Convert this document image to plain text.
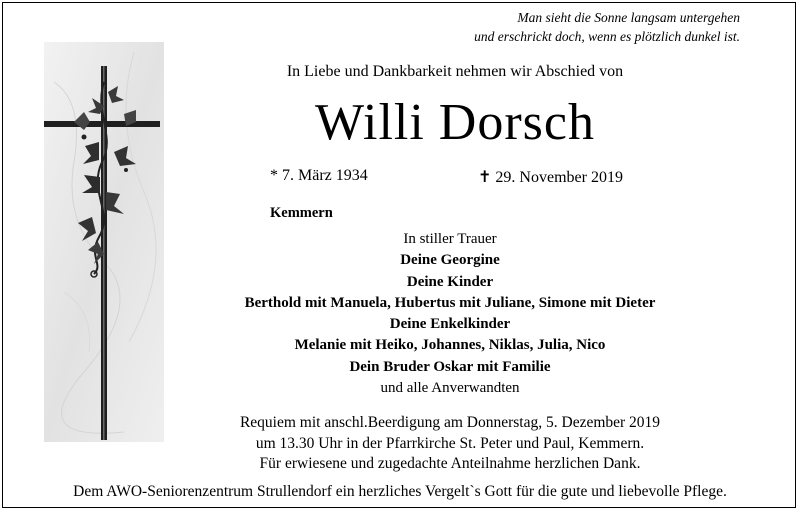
Man sieht die Sonne langsam untergehen
und erschrickt doch, wenn es plötzlich dunkel ist.
In Liebe und Dankbarkeit nehmen wir Abschied von
Willi Dorsch
* 7. März 1934	✝ 29. November 2019
Kemmern
In stiller Trauer
Deine Georgine
Deine Kinder
Berthold mit Manuela, Hubertus mit Juliane, Simone mit Dieter
Deine Enkelkinder
Melanie mit Heiko, Johannes, Niklas, Julia, Nico
Dein Bruder Oskar mit Familie
und alle Anverwandten
Requiem mit anschl.Beerdigung am Donnerstag, 5. Dezember 2019
um 13.30 Uhr in der Pfarrkirche St. Peter und Paul, Kemmern.
Für erwiesene und zugedachte Anteilnahme herzlichen Dank.
Dem AWO-Seniorenzentrum Strullendorf ein herzliches Vergelt`s Gott für die gute und liebevolle Pflege.
